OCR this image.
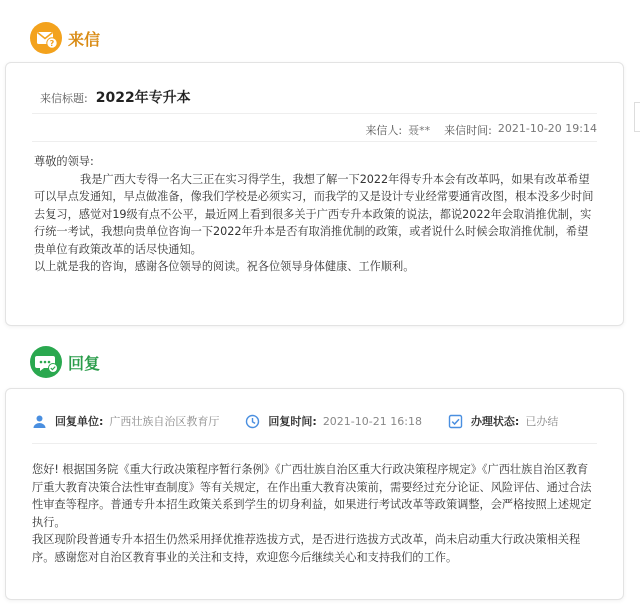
? 来信
来信标题: 2022年专升本
来信人: 聂** 来信时间: 2021-10-20 19:14

尊敬的领导:

我是广西大专得一名大三正在实习得学生，我想了解一下2022年得专升本会有改革吗，如果有改革希望可以早点发通知，早点做准备，像我们学校是必须实习，而我学的又是设计专业经常要通宵改图，根本没多少时间去复习，感觉对19级有点不公平，最近网上看到很多关于广西专升本政策的说法，都说2022年会取消推优制，实行统一考试，我想向贵单位咨询一下2022年升本是否有取消推优制的政策，或者说什么时候会取消推优制，希望贵单位有政策改革的话尽快通知。

以上就是我的咨询，感谢各位领导的阅读。祝各位领导身体健康、工作顺利。

回复
回复单位: 广西壮族自治区教育厅	回复时间: 2021-10-21 16:18	办理状态: 已办结

您好! 根据国务院《重大行政决策程序暂行条例》《广西壮族自治区重大行政决策程序规定》《广西壮族自治区教育厅重大教育决策合法性审查制度》等有关规定，在作出重大教育决策前，需要经过充分论证、风险评估、通过合法性审查等程序。普通专升本招生政策关系到学生的切身利益，如果进行考试改革等政策调整，会严格按照上述规定执行。

我区现阶段普通专升本招生仍然采用择优推荐选拔方式，是否进行选拔方式改革，尚未启动重大行政决策相关程序。感谢您对自治区教育事业的关注和支持，欢迎您今后继续关心和支持我们的工作。
